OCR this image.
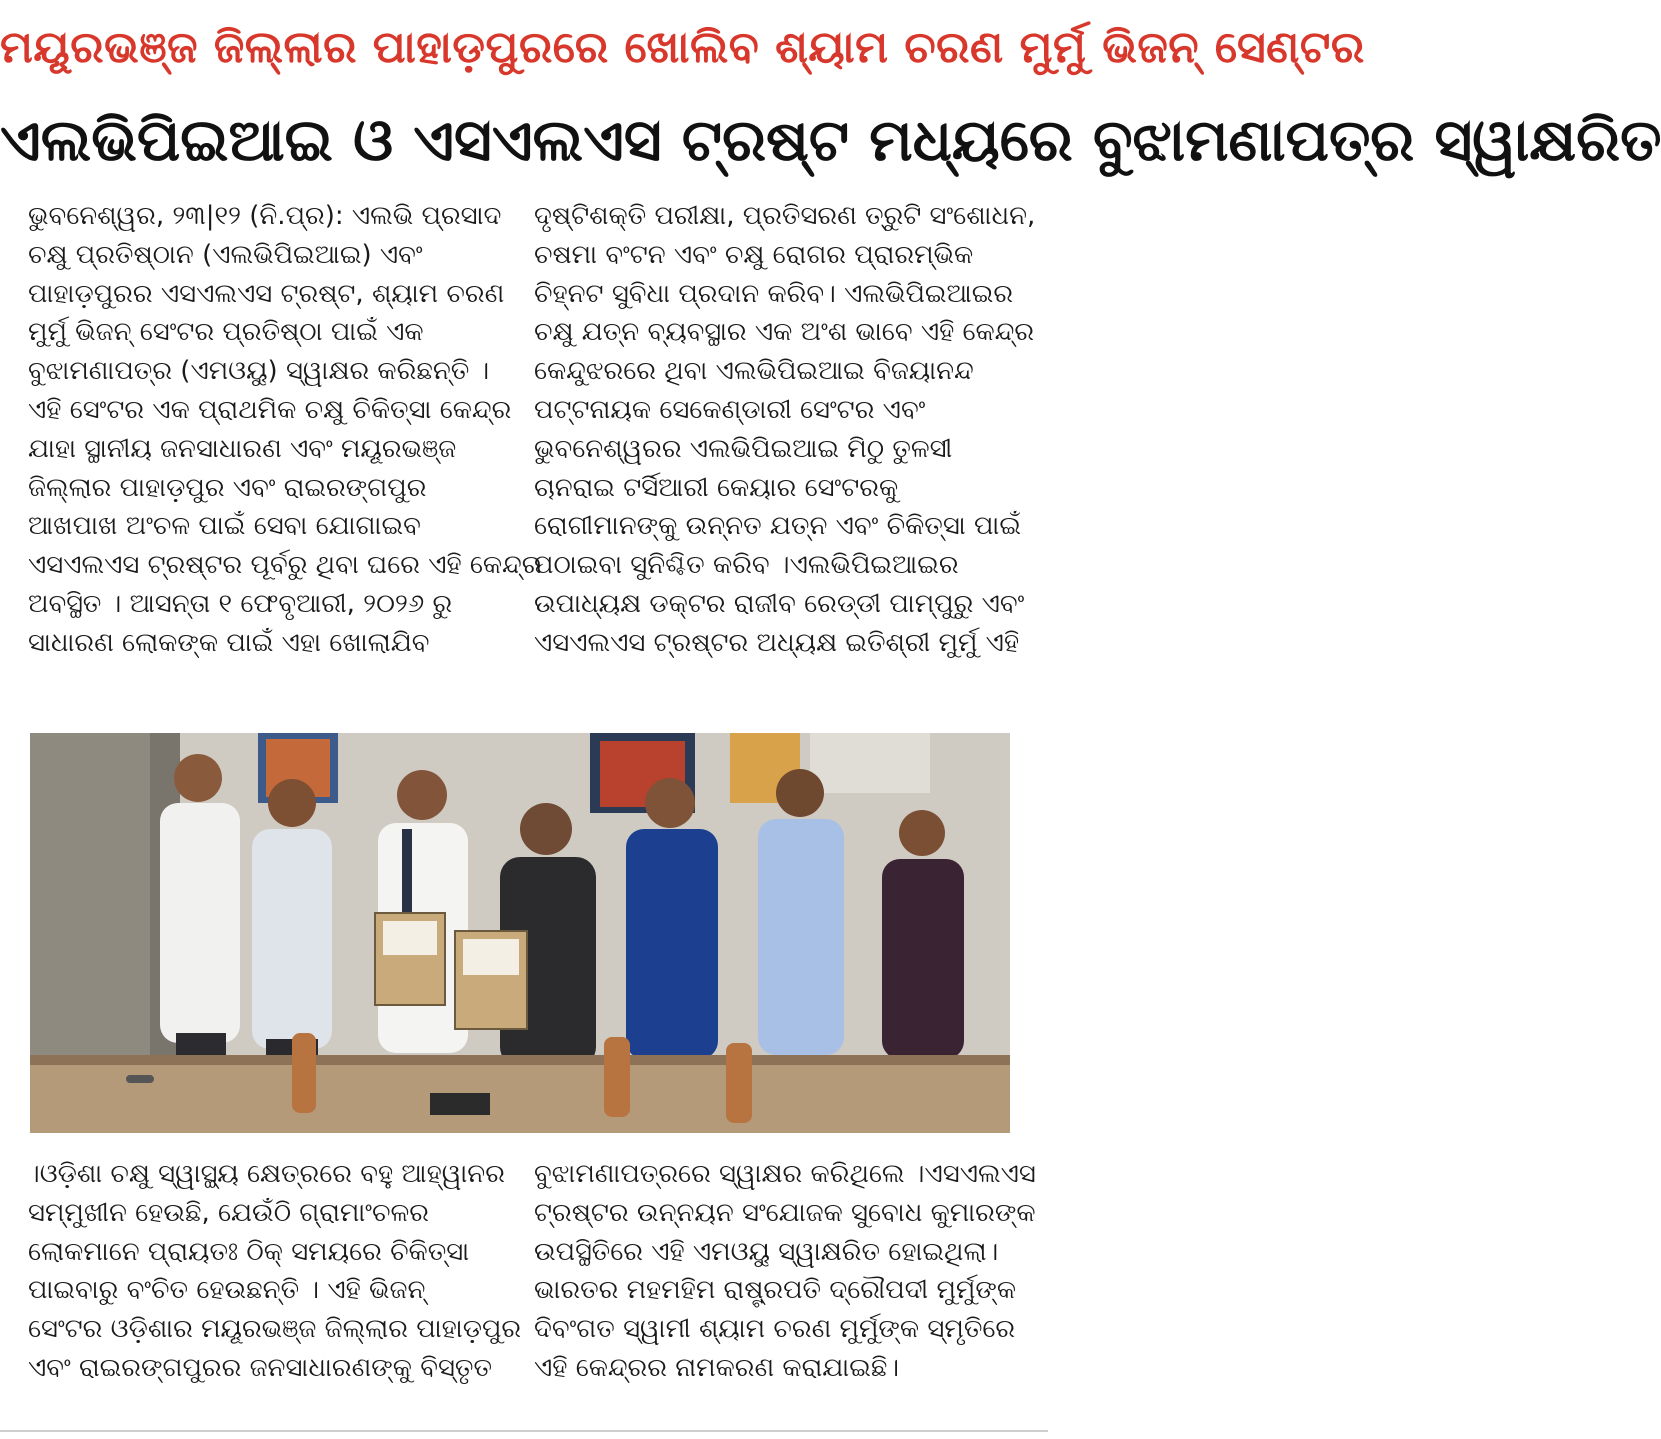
ମୟୂରଭଞ୍ଜ ଜିଲ୍ଲାର ପାହାଡ଼ପୁରରେ ଖୋଲିବ ଶ୍ୟାମ ଚରଣ ମୁର୍ମୁ ଭିଜନ୍ ସେଣ୍ଟର
ଏଲଭିପିଇଆଇ ଓ ଏସଏଲଏସ ଟ୍ରଷ୍ଟ ମଧ୍ୟରେ ବୁଝାମଣାପତ୍ର ସ୍ୱାକ୍ଷରିତ
ଭୁବନେଶ୍ୱର, ୨୩|୧୨ (ନି.ପ୍ର): ଏଲଭି ପ୍ରସାଦ
ଚକ୍ଷୁ ପ୍ରତିଷ୍ଠାନ (ଏଲଭିପିଇଆଇ) ଏବଂ
ପାହାଡ଼ପୁରର ଏସଏଲଏସ ଟ୍ରଷ୍ଟ, ଶ୍ୟାମ ଚରଣ
ମୁର୍ମୁ ଭିଜନ୍ ସେଂଟର ପ୍ରତିଷ୍ଠା ପାଇଁ ଏକ
ବୁଝାମଣାପତ୍ର (ଏମଓୟୁ) ସ୍ୱାକ୍ଷର କରିଛନ୍ତି ।
ଏହି ସେଂଟର ଏକ ପ୍ରାଥମିକ ଚକ୍ଷୁ ଚିକିତ୍ସା କେନ୍ଦ୍ର
ଯାହା ସ୍ଥାନୀୟ ଜନସାଧାରଣ ଏବଂ ମୟୂରଭଞ୍ଜ
ଜିଲ୍ଲାର ପାହାଡ଼ପୁର ଏବଂ ରାଇରଙ୍ଗପୁର
ଆଖପାଖ ଅଂଚଳ ପାଇଁ ସେବା ଯୋଗାଇବ
ଏସଏଲଏସ ଟ୍ରଷ୍ଟର ପୂର୍ବରୁ ଥିବା ଘରେ ଏହି କେନ୍ଦ୍ର
ଅବସ୍ଥିତ । ଆସନ୍ତା ୧ ଫେବୃଆରୀ, ୨୦୨୬ ରୁ
ସାଧାରଣ ଲୋକଙ୍କ ପାଇଁ ଏହା ଖୋଲାଯିବ
ଦୃଷ୍ଟିଶକ୍ତି ପରୀକ୍ଷା, ପ୍ରତିସରଣ ତ୍ରୁଟି ସଂଶୋଧନ,
ଚଷମା ବଂଟନ ଏବଂ ଚକ୍ଷୁ ରୋଗର ପ୍ରାରମ୍ଭିକ
ଚିହ୍ନଟ ସୁବିଧା ପ୍ରଦାନ କରିବ। ଏଲଭିପିଇଆଇର
ଚକ୍ଷୁ ଯତ୍ନ ବ୍ୟବସ୍ଥାର ଏକ ଅଂଶ ଭାବେ ଏହି କେନ୍ଦ୍ର
କେନ୍ଦୁଝରରେ ଥିବା ଏଲଭିପିଇଆଇ ବିଜୟାନନ୍ଦ
ପଟ୍ଟନାୟକ ସେକେଣ୍ଡାରୀ ସେଂଟର ଏବଂ
ଭୁବନେଶ୍ୱରର ଏଲଭିପିଇଆଇ ମିଠୁ ତୁଳସୀ
ଚାନରାଇ ଟର୍ସିଆରୀ କେୟାର ସେଂଟରକୁ
ରୋଗୀମାନଙ୍କୁ ଉନ୍ନତ ଯତ୍ନ ଏବଂ ଚିକିତ୍ସା ପାଇଁ
ପଠାଇବା ସୁନିଶ୍ଚିତ କରିବ ।ଏଲଭିପିଇଆଇର
ଉପାଧ୍ୟକ୍ଷ ଡକ୍ଟର ରାଜୀବ ରେଡ୍ଡୀ ପାମ୍ପୁରୁ ଏବଂ
ଏସଏଲଏସ ଟ୍ରଷ୍ଟର ଅଧ୍ୟକ୍ଷ ଇତିଶ୍ରୀ ମୁର୍ମୁ ଏହି
।ଓଡ଼ିଶା ଚକ୍ଷୁ ସ୍ୱାସ୍ଥ୍ୟ କ୍ଷେତ୍ରରେ ବହୁ ଆହ୍ୱାନର
ସମ୍ମୁଖୀନ ହେଉଛି, ଯେଉଁଠି ଗ୍ରାମାଂଚଳର
ଲୋକମାନେ ପ୍ରାୟତଃ ଠିକ୍ ସମୟରେ ଚିକିତ୍ସା
ପାଇବାରୁ ବଂଚିତ ହେଉଛନ୍ତି । ଏହି ଭିଜନ୍
ସେଂଟର ଓଡ଼ିଶାର ମୟୂରଭଞ୍ଜ ଜିଲ୍ଲାର ପାହାଡ଼ପୁର
ଏବଂ ରାଇରଙ୍ଗପୁରର ଜନସାଧାରଣଙ୍କୁ ବିସ୍ତୃତ
ବୁଝାମଣାପତ୍ରରେ ସ୍ୱାକ୍ଷର କରିଥିଲେ ।ଏସଏଲଏସ
ଟ୍ରଷ୍ଟର ଉନ୍ନୟନ ସଂଯୋଜକ ସୁବୋଧ କୁମାରଙ୍କ
ଉପସ୍ଥିତିରେ ଏହି ଏମଓୟୁ ସ୍ୱାକ୍ଷରିତ ହୋଇଥିଲା।
ଭାରତର ମହମହିମ ରାଷ୍ଟ୍ରପତି ଦ୍ରୌପଦୀ ମୁର୍ମୁଙ୍କ
ଦିବଂଗତ ସ୍ୱାମୀ ଶ୍ୟାମ ଚରଣ ମୁର୍ମୁଙ୍କ ସ୍ମୃତିରେ
ଏହି କେନ୍ଦ୍ରର ନାମକରଣ କରାଯାଇଛି।
